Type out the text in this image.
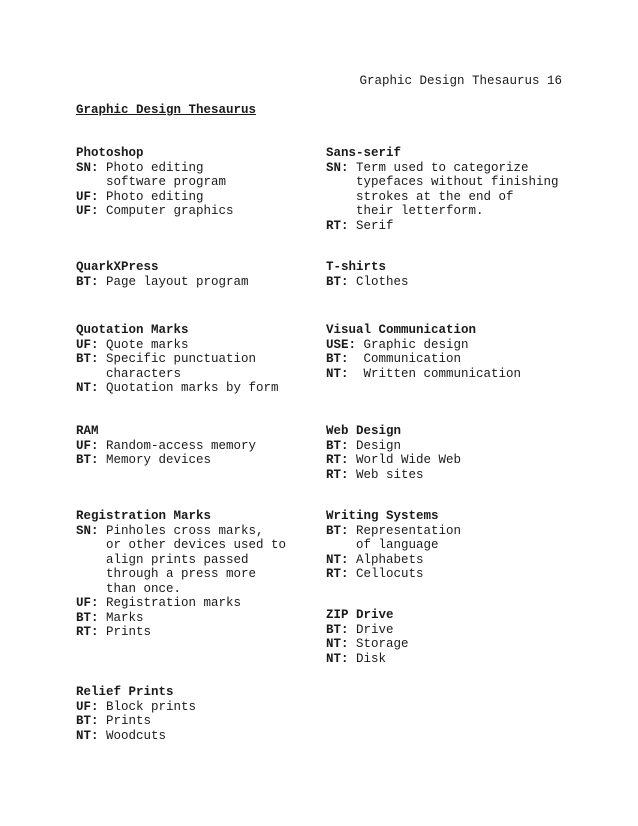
Graphic Design Thesaurus 16
Graphic Design Thesaurus
Photoshop
SN: Photo editing
software program
UF: Photo editing
UF: Computer graphics
Sans-serif
SN: Term used to categorize
typefaces without finishing
strokes at the end of
their letterform.
RT: Serif
QuarkXPress
BT: Page layout program
T-shirts
BT: Clothes
Quotation Marks
UF: Quote marks
BT: Specific punctuation
characters
NT: Quotation marks by form
Visual Communication
USE: Graphic design
BT:  Communication
NT:  Written communication
RAM
UF: Random-access memory
BT: Memory devices
Web Design
BT: Design
RT: World Wide Web
RT: Web sites
Registration Marks
SN: Pinholes cross marks,
or other devices used to
align prints passed
through a press more
than once.
UF: Registration marks
BT: Marks
RT: Prints
Writing Systems
BT: Representation
of language
NT: Alphabets
RT: Cellocuts
ZIP Drive
BT: Drive
NT: Storage
NT: Disk
Relief Prints
UF: Block prints
BT: Prints
NT: Woodcuts
